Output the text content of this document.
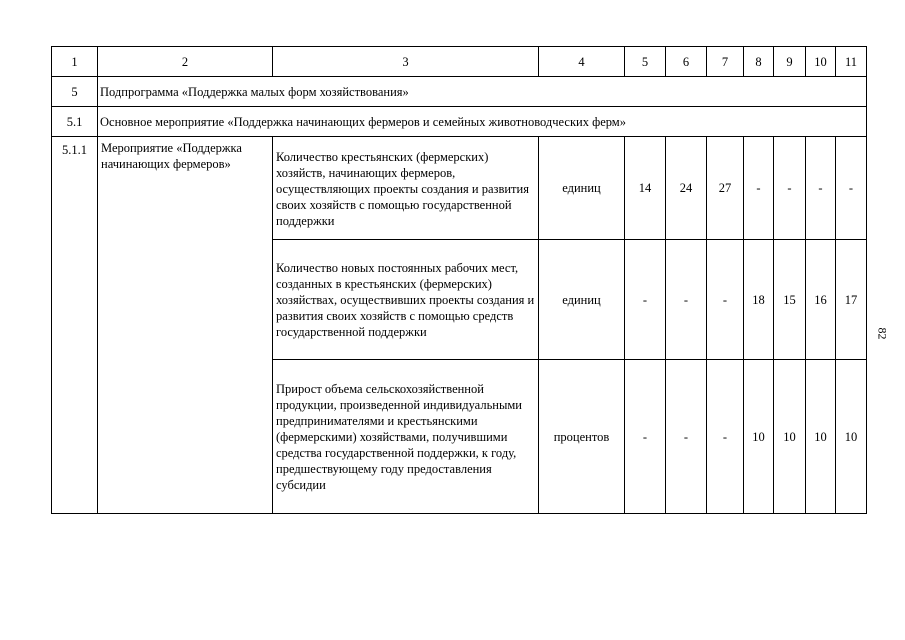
1	2	3	4	5	6	7	8	9	10	11
5	Подпрограмма «Поддержка малых форм хозяйствования»									
5.1	Основное мероприятие «Поддержка начинающих фермеров и семейных животноводческих ферм»									
5.1.1	Мероприятие «Поддержка начинающих фермеров»	Количество крестьянских (фермерских) хозяйств, начинающих фермеров, осуществляющих проекты создания и развития своих хозяйств с помощью государственной поддержки	единиц	14	24	27	-	-	-	-
		Количество новых постоянных рабочих мест, созданных в крестьянских (фермерских) хозяйствах, осуществивших проекты создания и развития своих хозяйств с помощью средств государственной поддержки	единиц	-	-	-	18	15	16	17
		Прирост объема сельскохозяйственной продукции, произведенной индивидуальными предпринимателями и крестьянскими (фермерскими) хозяйствами, получившими средства государственной поддержки, к году, предшествующему году предоставления субсидии	процентов	-	-	-	10	10	10	10
82
